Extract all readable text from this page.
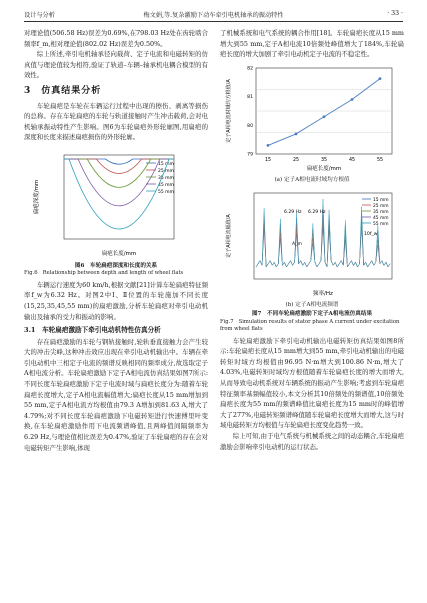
设计与分析	梅文娟,等.复杂激励下动车牵引电机轴承的振动特性	· 33 ·

对理论值(506.58 Hz)误差为0.69%,在798.03 Hz处在齿轮啮合频率f_m,相对理论值(802.02 Hz)误差为0.50%。

综上所述,牵引电机轴承径向载荷、定子电流和电磁转矩的仿真值与理论值较为相符,验证了轨道–车辆–轴承机电耦合模型的有效性。

3　仿真结果分析

车轮扁疤是车轮在车辆运行过程中出现的擦伤、剥离等损伤的总称。存在车轮扁疤的车轮与轨道接触时产生冲击载荷,会对电机轴承振动特性产生影响。图6为车轮扁疤外形轮廓图,用扁疤的深度和长度来描述扁疤损伤的外形轮廓。

扁疤长度/mm
扁疤深度/mm
15 mm
25 mm
35 mm
45 mm
55 mm
图6　车轮扁疤深度和长度的关系
Fig.6　Relationship between depth and length of wheel flats

车辆运行速度为60 km/h,根据文献[21]计算车轮扁疤特征频率f_w为6.32 Hz。对图2中Ⅰ、Ⅱ位置的车轮施加不同长度(15,25,35,45,55 mm)的扁疤激励,分析车轮扁疤对牵引电动机输出及轴承的受力和振动的影响。

3.1　车轮扁疤激励下牵引电动机特性仿真分析

存在扁疤激励的车轮与钢轨接触时,轮轨垂直接触力会产生较大的冲击尖峰,这种冲击效应出现在牵引电动机输出中。车辆在牵引电动机中三相定子电流的频谱反映相同的频率成分,故选取定子A相电流分析。车轮扁疤激励下定子A相电流仿真结果如图7所示:不同长度车轮扁疤激励下定子电流时域与扁疤长度分为:随着车轮扁疤长度增大,定子A相电流幅值增大;扁疤长度从15 mm增加到55 mm,定子A相电流方均根值由79.3 A增加到81.63 A,增大了4.79%;对不同长度车轮扁疤激励下电磁转矩进行快速傅里叶变换,在车轮扁疤激励作用下电流频谱峰值,且两峰值间隔频率为6.29 Hz,与理论值相比误差为0.47%,验证了车轮扁疤的存在会对电磁转矩产生影响,体现

了机械系统和电气系统的耦合作用[18]。车轮扁疤长度从15 mm增大到55 mm,定子A相电流10倍频处峰值增大了184%,车轮扁疤长度的增大加剧了牵引电动机定子电流的不稳定性。

15	25	35	45	55
79
80
81
82
扁疤长度/mm
定子A相电流时域均方根值/A
(a) 定子A相电流时域均方根值
15 mm
25 mm
35 mm
45 mm
55 mm
6.29 Hz 6.29 Hz
10f_w
A_m
频率/Hz
定子A相电流幅值/A
(b) 定子A相电流频谱
图7　不同车轮扁疤激励下定子A相电流仿真结果
Fig.7　Simulation results of stator phase A current under excitation from wheel flats

车轮扁疤激励下牵引电动机输出电磁转矩仿真结果如图8所示:车轮扁疤长度从15 mm增大到55 mm,牵引电动机输出的电磁转矩时域方均根值由96.95 N·m增大到100.86 N·m,增大了4.03%,电磁转矩时域均方根值随着车轮扁疤长度的增大而增大,从而导致电动机系统对车辆系统的振动产生影响;考虑到车轮扁疤特征频率基频幅值较小,本文分析其10倍频处的频谱值,10倍频处扁疤长度为55 mm的频谱峰值比扁疤长度为15 mm时的峰值增大了277%,电磁转矩频谱峰值随车轮扁疤长度增大而增大,这与时域电磁转矩方均根值与车轮扁疤长度变化趋势一致。

综上可知,由于电气系统与机械系统之间的动态耦合,车轮扁疤激励会影响牵引电动机的运行状态。
